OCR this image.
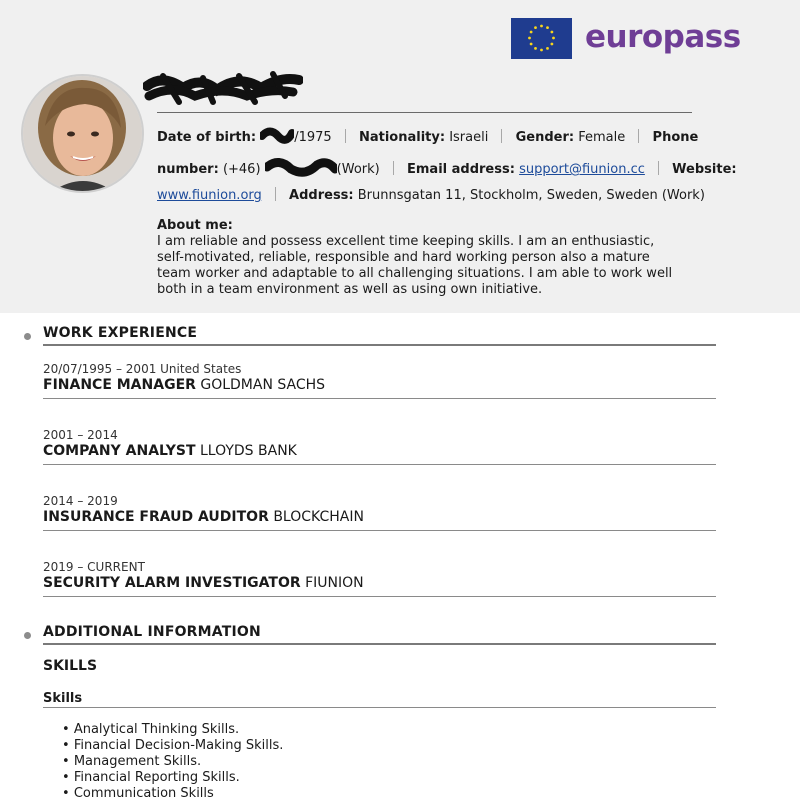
europass
Date of birth:	/1975 Nationality: Israeli Gender: Female Phone
number: (+46)	(Work) Email address: support@fiunion.cc Website:
www.fiunion.org Address: Brunnsgatan 11, Stockholm, Sweden, Sweden (Work)
About me:
I am reliable and possess excellent time keeping skills. I am an enthusiastic,
self-motivated, reliable, responsible and hard working person also a mature
team worker and adaptable to all challenging situations. I am able to work well
both in a team environment as well as using own initiative.
WORK EXPERIENCE
20/07/1995 – 2001 United States
FINANCE MANAGER GOLDMAN SACHS
2001 – 2014
COMPANY ANALYST LLOYDS BANK
2014 – 2019
INSURANCE FRAUD AUDITOR BLOCKCHAIN
2019 – CURRENT
SECURITY ALARM INVESTIGATOR FIUNION
ADDITIONAL INFORMATION
SKILLS
Skills
• Analytical Thinking Skills.
• Financial Decision-Making Skills.
• Management Skills.
• Financial Reporting Skills.
• Communication Skills
